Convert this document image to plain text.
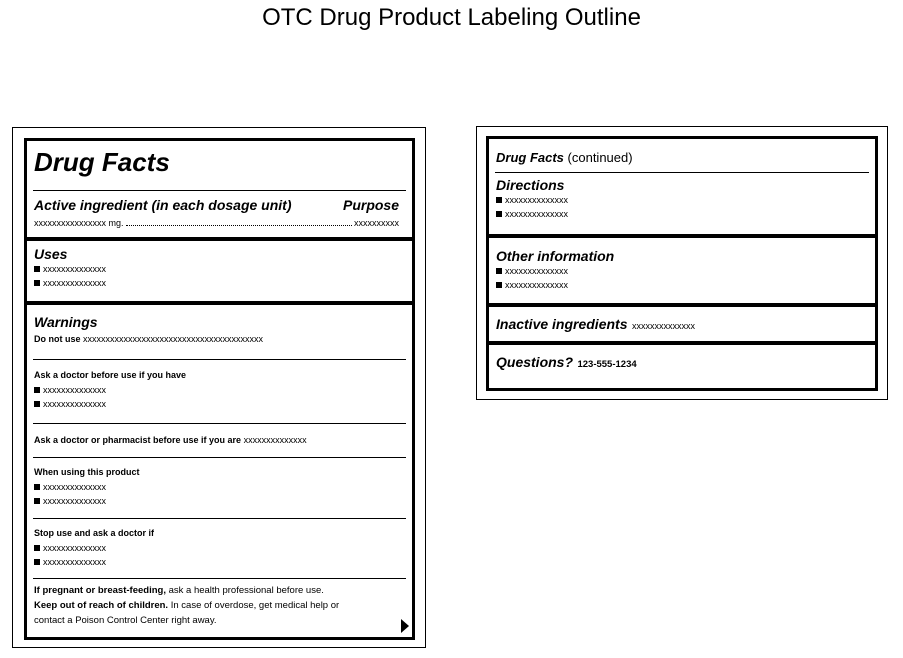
OTC Drug Product Labeling Outline
Drug Facts
Active ingredient (in each dosage unit)	Purpose
xxxxxxxxxxxxxxxx mg.	xxxxxxxxxx
Uses
xxxxxxxxxxxxxx
xxxxxxxxxxxxxx
Warnings
Do not use xxxxxxxxxxxxxxxxxxxxxxxxxxxxxxxxxxxxxxxx
Ask a doctor before use if you have
xxxxxxxxxxxxxx
xxxxxxxxxxxxxx
Ask a doctor or pharmacist before use if you are xxxxxxxxxxxxxx
When using this product
xxxxxxxxxxxxxx
xxxxxxxxxxxxxx
Stop use and ask a doctor if
xxxxxxxxxxxxxx
xxxxxxxxxxxxxx
If pregnant or breast-feeding, ask a health professional before use.
Keep out of reach of children. In case of overdose, get medical help or
contact a Poison Control Center right away.
Drug Facts (continued)
Directions
xxxxxxxxxxxxxx
xxxxxxxxxxxxxx
Other information
xxxxxxxxxxxxxx
xxxxxxxxxxxxxx
Inactive ingredients xxxxxxxxxxxxxx
Questions? 123-555-1234
